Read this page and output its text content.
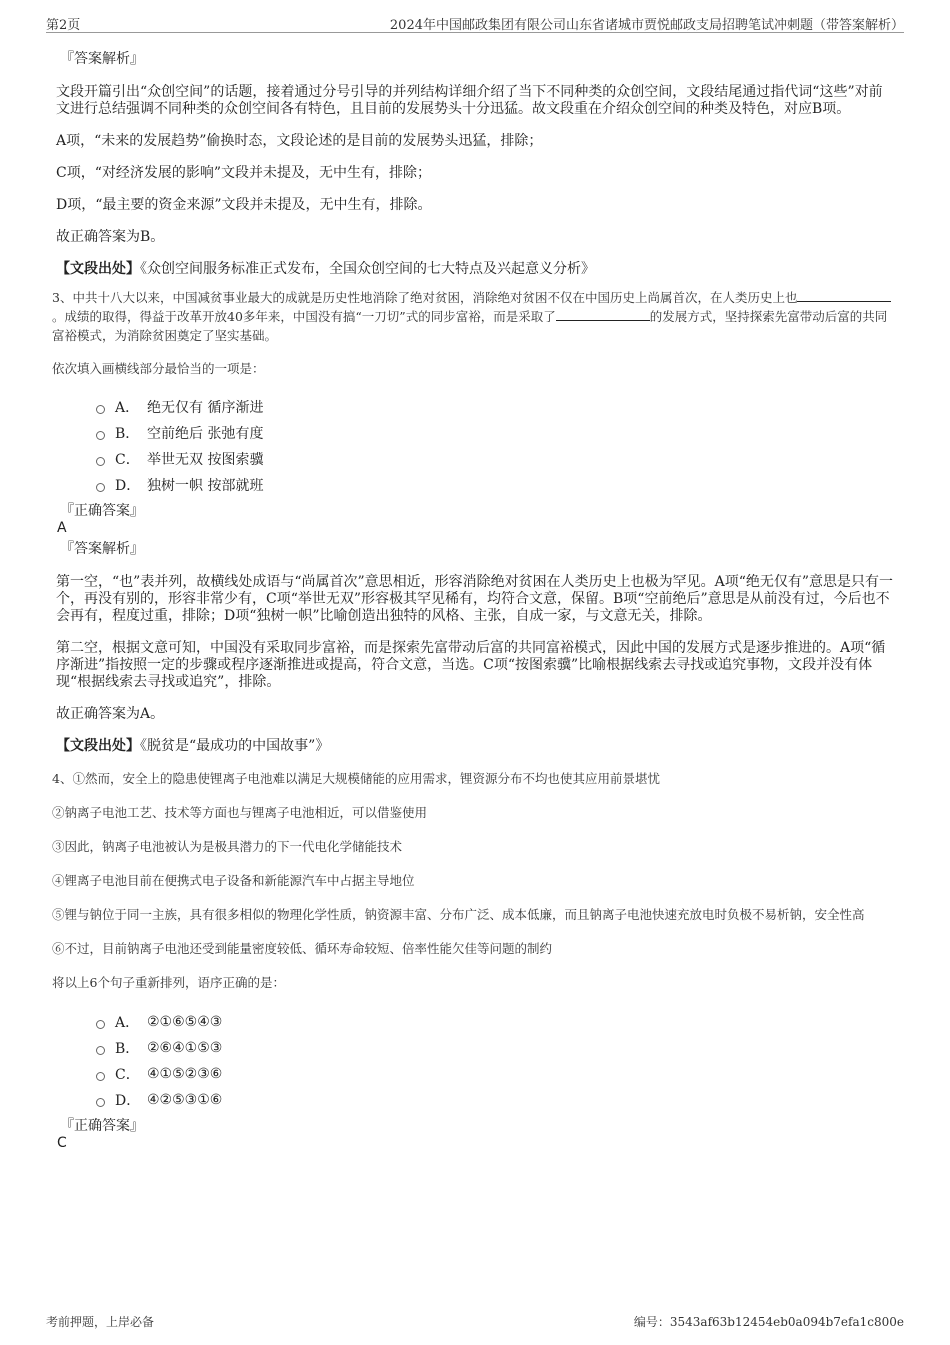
第2页	2024年中国邮政集团有限公司山东省诸城市贾悦邮政支局招聘笔试冲刺题（带答案解析）

『答案解析』

文段开篇引出“众创空间”的话题，接着通过分号引导的并列结构详细介绍了当下不同种类的众创空间，文段结尾通过指代词“这些”对前文进行总结强调不同种类的众创空间各有特色，且目前的发展势头十分迅猛。故文段重在介绍众创空间的种类及特色，对应B项。

A项，“未来的发展趋势”偷换时态，文段论述的是目前的发展势头迅猛，排除；

C项，“对经济发展的影响”文段并未提及，无中生有，排除；

D项，“最主要的资金来源”文段并未提及，无中生有，排除。

故正确答案为B。

【文段出处】《众创空间服务标准正式发布，全国众创空间的七大特点及兴起意义分析》

3、中共十八大以来，中国减贫事业最大的成就是历史性地消除了绝对贫困，消除绝对贫困不仅在中国历史上尚属首次，在人类历史上也。成绩的取得，得益于改革开放40多年来，中国没有搞“一刀切”式的同步富裕，而是采取了	的发展方式，坚持探索先富带动后富的共同富裕模式，为消除贫困奠定了坚实基础。

依次填入画横线部分最恰当的一项是：

A． 绝无仅有 循序渐进
B． 空前绝后 张弛有度
C． 举世无双 按图索骥
D． 独树一帜 按部就班

『正确答案』

A

『答案解析』

第一空，“也”表并列，故横线处成语与“尚属首次”意思相近，形容消除绝对贫困在人类历史上也极为罕见。A项“绝无仅有”意思是只有一个，再没有别的，形容非常少有，C项“举世无双”形容极其罕见稀有，均符合文意，保留。B项“空前绝后”意思是从前没有过，今后也不会再有，程度过重，排除；D项“独树一帜”比喻创造出独特的风格、主张，自成一家，与文意无关，排除。

第二空，根据文意可知，中国没有采取同步富裕，而是探索先富带动后富的共同富裕模式，因此中国的发展方式是逐步推进的。A项“循序渐进”指按照一定的步骤或程序逐渐推进或提高，符合文意，当选。C项“按图索骥”比喻根据线索去寻找或追究事物，文段并没有体现“根据线索去寻找或追究”，排除。

故正确答案为A。

【文段出处】《脱贫是“最成功的中国故事”》

4、①然而，安全上的隐患使锂离子电池难以满足大规模储能的应用需求，锂资源分布不均也使其应用前景堪忧

②钠离子电池工艺、技术等方面也与锂离子电池相近，可以借鉴使用

③因此，钠离子电池被认为是极具潜力的下一代电化学储能技术

④锂离子电池目前在便携式电子设备和新能源汽车中占据主导地位

⑤锂与钠位于同一主族，具有很多相似的物理化学性质，钠资源丰富、分布广泛、成本低廉，而且钠离子电池快速充放电时负极不易析钠，安全性高

⑥不过，目前钠离子电池还受到能量密度较低、循环寿命较短、倍率性能欠佳等问题的制约

将以上6个句子重新排列，语序正确的是：

A． ②①⑥⑤④③
B． ②⑥④①⑤③
C． ④①⑤②③⑥
D． ④②⑤③①⑥

『正确答案』

C

考前押题，上岸必备	编号：3543af63b12454eb0a094b7efa1c800e
